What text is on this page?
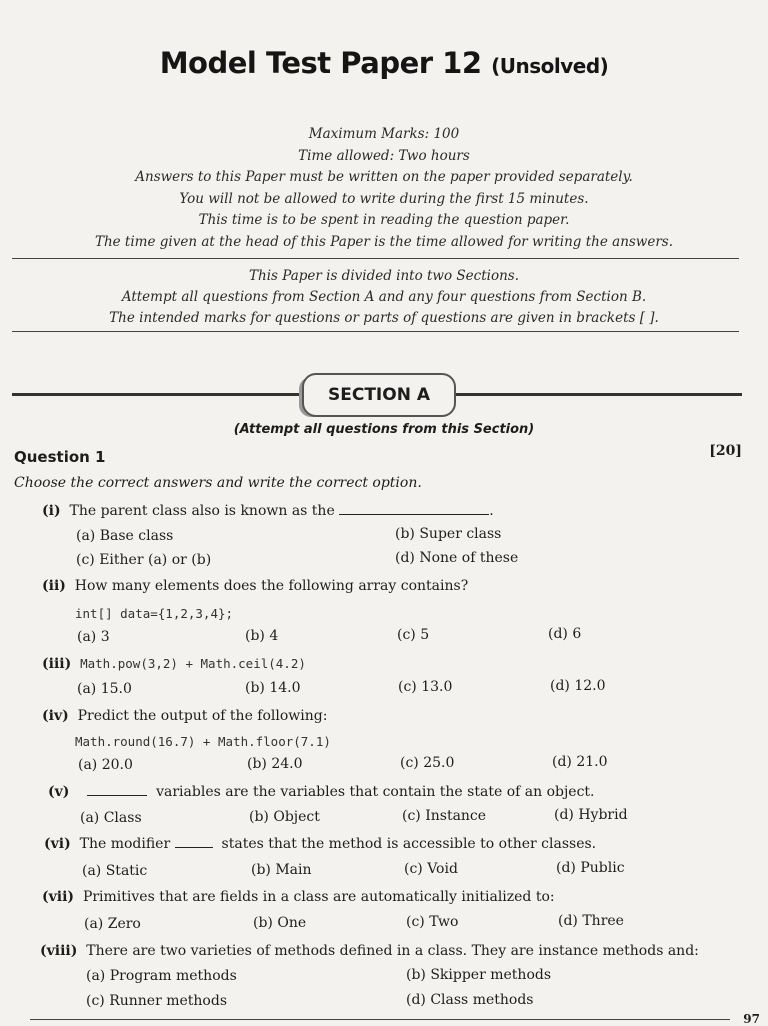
Model Test Paper 12 (Unsolved)
Maximum Marks: 100
Time allowed: Two hours
Answers to this Paper must be written on the paper provided separately.
You will not be allowed to write during the first 15 minutes.
This time is to be spent in reading the question paper.
The time given at the head of this Paper is the time allowed for writing the answers.
This Paper is divided into two Sections.
Attempt all questions from Section A and any four questions from Section B.
The intended marks for questions or parts of questions are given in brackets [ ].
SECTION A
(Attempt all questions from this Section)
Question 1	[20]
Choose the correct answers and write the correct option.
(i) The parent class also is known as the	.
(a) Base class	(b) Super class
(c) Either (a) or (b)	(d) None of these
(ii) How many elements does the following array contains?
int[] data={1,2,3,4};
(a) 3	(b) 4	(c) 5	(d) 6
(iii) Math.pow(3,2) + Math.ceil(4.2)
(a) 15.0	(b) 14.0	(c) 13.0	(d) 12.0
(iv) Predict the output of the following:
Math.round(16.7) + Math.floor(7.1)
(a) 20.0	(b) 24.0	(c) 25.0	(d) 21.0
(v)	variables are the variables that contain the state of an object.
(a) Class	(b) Object	(c) Instance	(d) Hybrid
(vi) The modifier	states that the method is accessible to other classes.
(a) Static	(b) Main	(c) Void	(d) Public
(vii) Primitives that are fields in a class are automatically initialized to:
(a) Zero	(b) One	(c) Two	(d) Three
(viii) There are two varieties of methods defined in a class. They are instance methods and:
(a) Program methods	(b) Skipper methods
(c) Runner methods	(d) Class methods
97
